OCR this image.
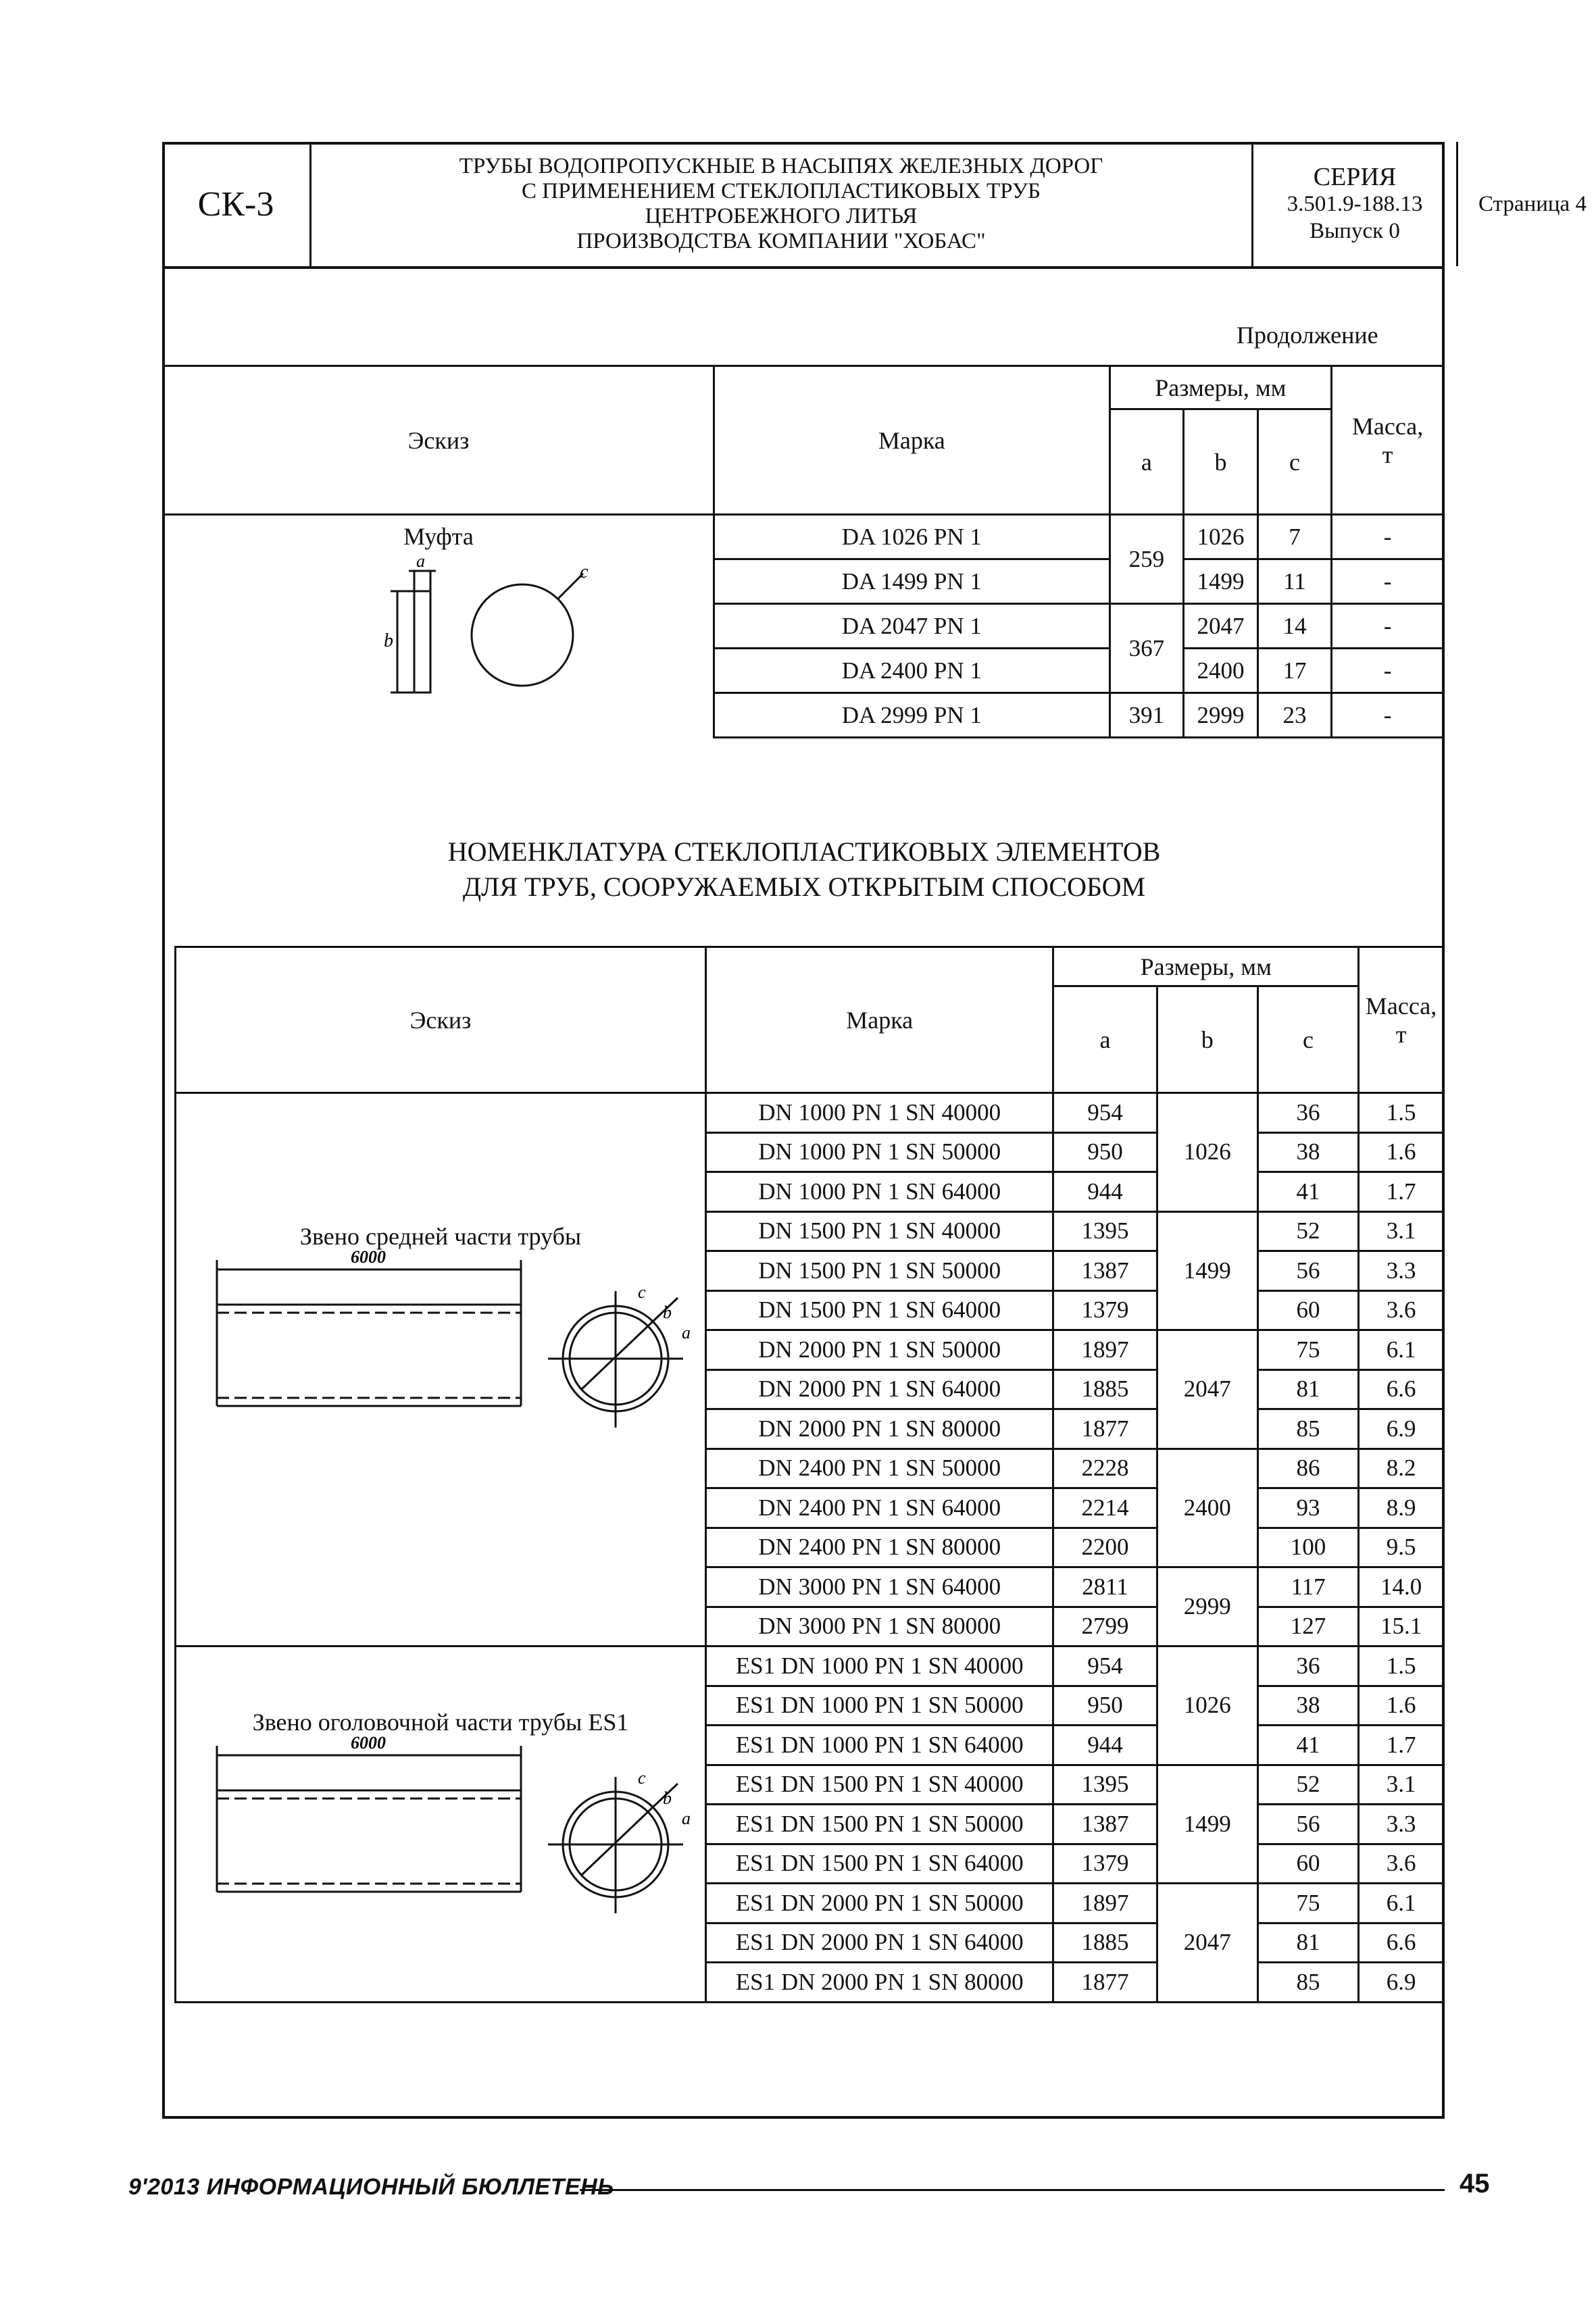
СК-3
ТРУБЫ ВОДОПРОПУСКНЫЕ В НАСЫПЯХ ЖЕЛЕЗНЫХ ДОРОГ
С ПРИМЕНЕНИЕМ СТЕКЛОПЛАСТИКОВЫХ ТРУБ
ЦЕНТРОБЕЖНОГО ЛИТЬЯ
ПРОИЗВОДСТВА КОМПАНИИ "ХОБАС"
СЕРИЯ
3.501.9-188.13
Выпуск 0
Страница 4
Продолжение
Эскиз	Марка	Размеры, мм			Масса, т
		a	b	c	

Муфта
a
b
c	DA 1026 PN 1	259	1026	7	-
	DA 1499 PN 1		1499	11	-
	DA 2047 PN 1	367	2047	14	-
	DA 2400 PN 1		2400	17	-
	DA 2999 PN 1	391	2999	23	-
НОМЕНКЛАТУРА СТЕКЛОПЛАСТИКОВЫХ ЭЛЕМЕНТОВ
ДЛЯ ТРУБ, СООРУЖАЕМЫХ ОТКРЫТЫМ СПОСОБОМ
Эскиз	Марка	Размеры, мм			Масса, т
		a	b	c	

Звено средней части трубы
6000
c
b
a	DN 1000 PN 1 SN 40000	954	1026	36	1.5
	DN 1000 PN 1 SN 50000	950		38	1.6
	DN 1000 PN 1 SN 64000	944		41	1.7
	DN 1500 PN 1 SN 40000	1395	1499	52	3.1
	DN 1500 PN 1 SN 50000	1387		56	3.3
	DN 1500 PN 1 SN 64000	1379		60	3.6
	DN 2000 PN 1 SN 50000	1897	2047	75	6.1
	DN 2000 PN 1 SN 64000	1885		81	6.6
	DN 2000 PN 1 SN 80000	1877		85	6.9
	DN 2400 PN 1 SN 50000	2228	2400	86	8.2
	DN 2400 PN 1 SN 64000	2214		93	8.9
	DN 2400 PN 1 SN 80000	2200		100	9.5
	DN 3000 PN 1 SN 64000	2811	2999	117	14.0
	DN 3000 PN 1 SN 80000	2799		127	15.1

Звено оголовочной части трубы ES1
6000
c
b
a	ES1 DN 1000 PN 1 SN 40000	954	1026	36	1.5
	ES1 DN 1000 PN 1 SN 50000	950		38	1.6
	ES1 DN 1000 PN 1 SN 64000	944		41	1.7
	ES1 DN 1500 PN 1 SN 40000	1395	1499	52	3.1
	ES1 DN 1500 PN 1 SN 50000	1387		56	3.3
	ES1 DN 1500 PN 1 SN 64000	1379		60	3.6
	ES1 DN 2000 PN 1 SN 50000	1897	2047	75	6.1
	ES1 DN 2000 PN 1 SN 64000	1885		81	6.6
	ES1 DN 2000 PN 1 SN 80000	1877		85	6.9
9'2013 ИНФОРМАЦИОННЫЙ БЮЛЛЕТЕНЬ	45
